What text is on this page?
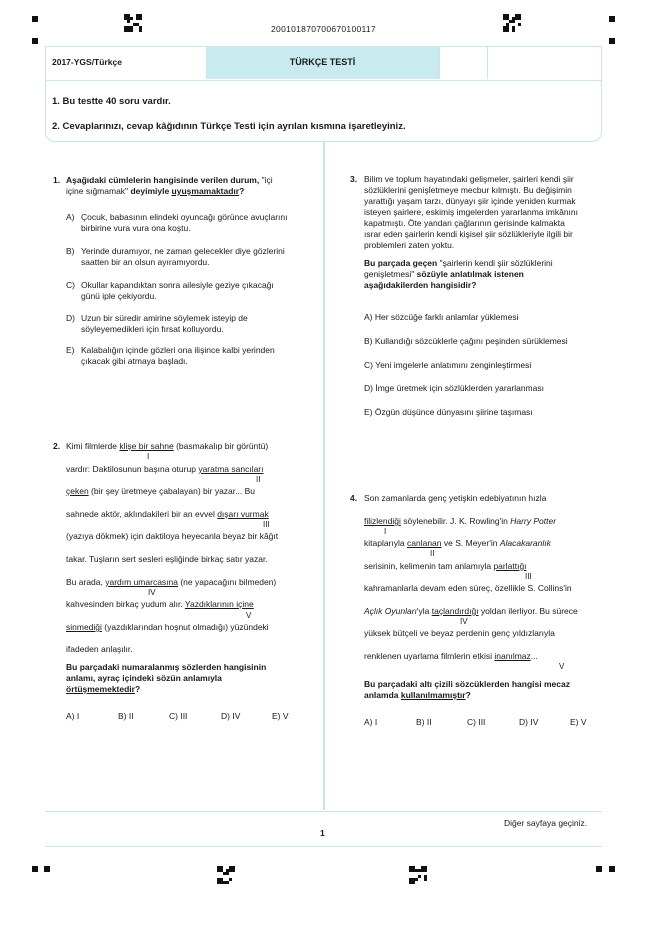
200101870700670100117
2017-YGS/Türkçe	TÜRKÇE TESTİ
1. Bu testte 40 soru vardır.
2. Cevaplarınızı, cevap kâğıdının Türkçe Testi için ayrılan kısmına işaretleyiniz.
1. Aşağıdaki cümlelerin hangisinde verilen durum, "içi
içine sığmamak" deyimiyle uyuşmamaktadır?
A) Çocuk, babasının elindeki oyuncağı görünce avuçlarını
birbirine vura vura ona koştu.
B) Yerinde duramıyor, ne zaman gelecekler diye gözlerini
saatten bir an olsun ayıramıyordu.
C) Okullar kapandıktan sonra ailesiyle geziye çıkacağı
günü iple çekiyordu.
D) Uzun bir süredir amirine söylemek isteyip de
söyleyemedikleri için fırsat kolluyordu.
E) Kalabalığın içinde gözleri ona ilişince kalbi yerinden
çıkacak gibi atmaya başladı.
2. Kimi filmlerde klişe bir sahne (basmakalıp bir görüntü)
I
vardır: Daktilosunun başına oturup yaratma sancıları
II
çeken (bir şey üretmeye çabalayan) bir yazar... Bu
sahnede aktör, aklındakileri bir an evvel dışarı vurmak
III
(yazıya dökmek) için daktiloya heyecanla beyaz bir kâğıt
takar. Tuşların sert sesleri eşliğinde birkaç satır yazar.
Bu arada, yardım umarcasına (ne yapacağını bilmeden)
IV
kahvesinden birkaç yudum alır. Yazdıklarının içine
sinmediği (yazdıklarından hoşnut olmadığı) yüzündeki
V
ifadeden anlaşılır.
Bu parçadaki numaralanmış sözlerden hangisinin
anlamı, ayraç içindeki sözün anlamıyla
örtüşmemektedir?
A) I	B) II	C) III	D) IV	E) V
3. Bilim ve toplum hayatındaki gelişmeler, şairleri kendi şiir
sözlüklerini genişletmeye mecbur kılmıştı. Bu değişimin
yarattığı yaşam tarzı, dünyayı şiir içinde yeniden kurmak
isteyen şairlere, eskimiş imgelerden yararlanma imkânını
kapatmıştı. Öte yandan çağlarının gerisinde kalmakta
ısrar eden şairlerin kendi kişisel şiir sözlükleriyle ilgili bir
problemleri zaten yoktu.
Bu parçada geçen "şairlerin kendi şiir sözlüklerini
genişletmesi" sözüyle anlatılmak istenen
aşağıdakilerden hangisidir?
A) Her sözcüğe farklı anlamlar yüklemesi
B) Kullandığı sözcüklerle çağını peşinden sürüklemesi
C) Yeni imgelerle anlatımını zenginleştirmesi
D) İmge üretmek için sözlüklerden yararlanması
E) Özgün düşünce dünyasını şiirine taşıması
4. Son zamanlarda genç yetişkin edebiyatının hızla
filizlendiği söylenebilir. J. K. Rowling'in Harry Potter
I
kitaplarıyla canlanan ve S. Meyer'in Alacakaranlık
II
serisinin, kelimenin tam anlamıyla parlattığı
III
kahramanlarla devam eden süreç, özellikle S. Collins'in
Açlık Oyunları'yla taçlandırdığı yoldan ilerliyor. Bu sürece
IV
yüksek bütçeli ve beyaz perdenin genç yıldızlarıyla
renklenen uyarlama filmlerin etkisi inanılmaz...
V
Bu parçadaki altı çizili sözcüklerden hangisi mecaz
anlamda kullanılmamıştır?
A) I	B) II	C) III	D) IV	E) V
Diğer sayfaya geçiniz.
1
